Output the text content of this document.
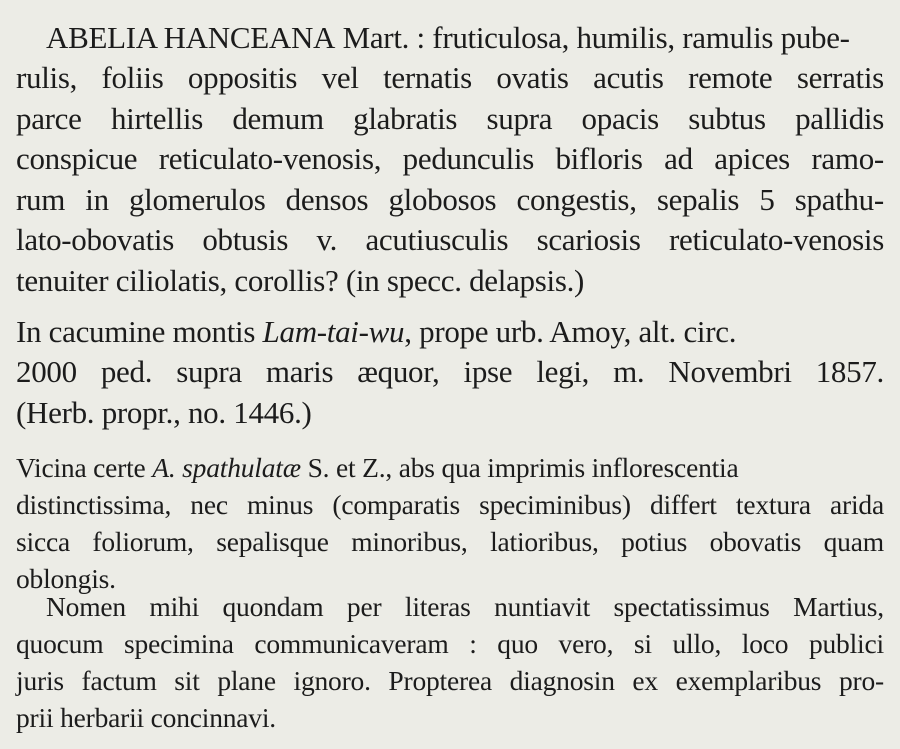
ABELIA HANCEANA Mart. : fruticulosa, humilis, ramulis pube-
rulis, foliis oppositis vel ternatis ovatis acutis remote serratis
parce hirtellis demum glabratis supra opacis subtus pallidis
conspicue reticulato-venosis, pedunculis bifloris ad apices ramo-
rum in glomerulos densos globosos congestis, sepalis 5 spathu-
lato-obovatis obtusis v. acutiusculis scariosis reticulato-venosis
tenuiter ciliolatis, corollis? (in specc. delapsis.)
In cacumine montis Lam-tai-wu, prope urb. Amoy, alt. circ.
2000 ped. supra maris æquor, ipse legi, m. Novembri 1857.
(Herb. propr., no. 1446.)
Vicina certe A. spathulatæ S. et Z., abs qua imprimis inflorescentia
distinctissima, nec minus (comparatis speciminibus) differt textura arida
sicca foliorum, sepalisque minoribus, latioribus, potius obovatis quam
oblongis.
Nomen mihi quondam per literas nuntiavit spectatissimus Martius,
quocum specimina communicaveram : quo vero, si ullo, loco publici
juris factum sit plane ignoro. Propterea diagnosin ex exemplaribus pro-
prii herbarii concinnavi.
